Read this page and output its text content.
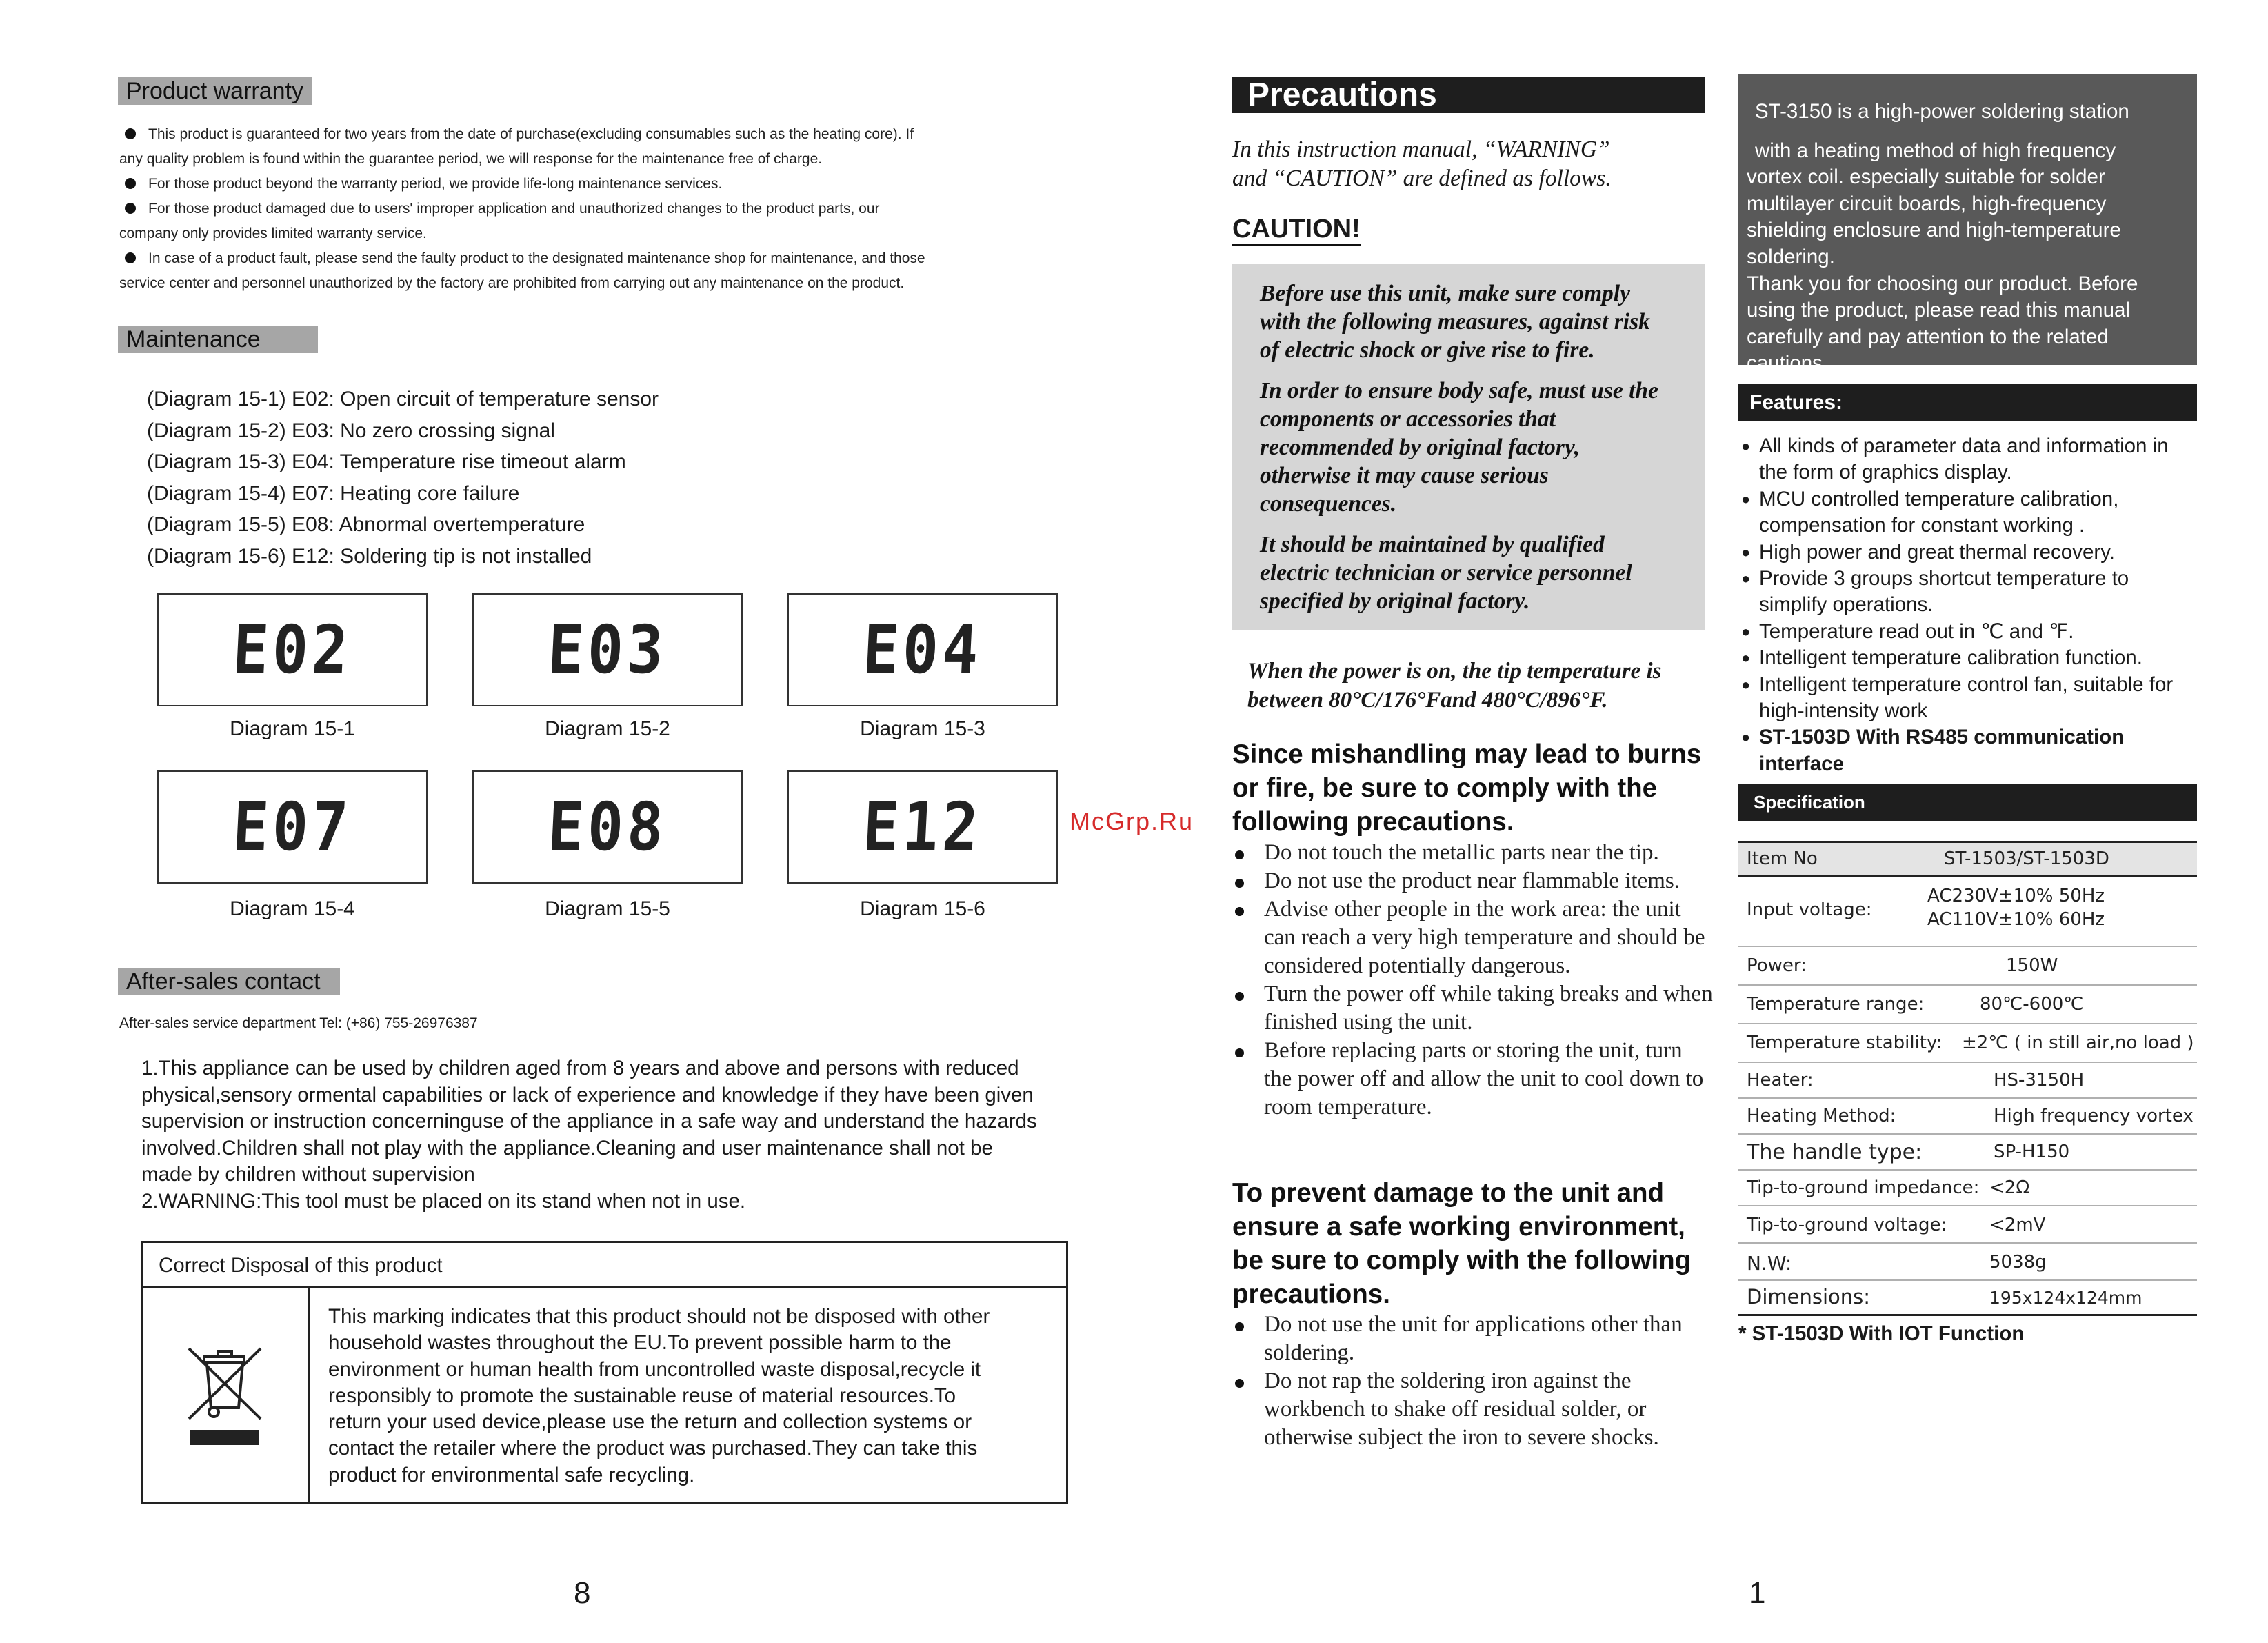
Product warranty
This product is guaranteed for two years from the date of purchase(excluding consumables such as the heating core). If
any quality problem is found within the guarantee period, we will response for the maintenance free of charge.
For those product beyond the warranty period, we provide life-long maintenance services.
For those product damaged due to users' improper application and unauthorized changes to the product parts, our
company only provides limited warranty service.
In case of a product fault, please send the faulty product to the designated maintenance shop for maintenance, and those
service center and personnel unauthorized by the factory are prohibited from carrying out any maintenance on the product.
Maintenance
(Diagram 15-1) E02: Open circuit of temperature sensor
(Diagram 15-2) E03: No zero crossing signal
(Diagram 15-3) E04: Temperature rise timeout alarm
(Diagram 15-4) E07: Heating core failure
(Diagram 15-5) E08: Abnormal overtemperature
(Diagram 15-6) E12: Soldering tip is not installed
E02	E03	E04
Diagram 15-1	Diagram 15-2	Diagram 15-3
E07	E08	E12
Diagram 15-4	Diagram 15-5	Diagram 15-6
After-sales contact
After-sales service department Tel: (+86) 755-26976387
1.This appliance can be used by children aged from 8 years and above and persons with reduced
physical,sensory ormental capabilities or lack of experience and knowledge if they have been given
supervision or instruction concerninguse of the appliance in a safe way and understand the hazards
involved.Children shall not play with the appliance.Cleaning and user maintenance shall not be
made by children without supervision
2.WARNING:This tool must be placed on its stand when not in use.
Correct Disposal of this product
This marking indicates that this product should not be disposed with other
household wastes throughout the EU.To prevent possible harm to the
environment or human health from uncontrolled waste disposal,recycle it
responsibly to promote the sustainable reuse of material resources.To
return your used device,please use the return and collection systems or
contact the retailer where the product was purchased.They can take this
product for environmental safe recycling.
8
McGrp.Ru
Precautions
In this instruction manual, “WARNING”
and “CAUTION” are defined as follows.
CAUTION!

Before use this unit, make sure comply with the following measures, against risk of electric shock or give rise to fire.

In order to ensure body safe, must use the components or accessories that recommended by original factory, otherwise it may cause serious consequences.

It should be maintained by qualified electric technician or service personnel specified by original factory.

When the power is on, the tip temperature is
between 80°C/176°Fand 480°C/896°F.
Since mishandling may lead to burns or fire, be sure to comply with the following precautions.
Do not touch the metallic parts near the tip.
Do not use the product near flammable items.
Advise other people in the work area: the unit can reach a very high temperature and should be considered potentially dangerous.
Turn the power off while taking breaks and when finished using the unit.
Before replacing parts or storing the unit, turn the power off and allow the unit to cool down to room temperature.
To prevent damage to the unit and ensure a safe working environment, be sure to comply with the following precautions.
Do not use the unit for applications other than soldering.
Do not rap the soldering iron against the workbench to shake off residual solder, or otherwise subject the iron to severe shocks.
ST-3150 is a high-power soldering station
with a heating method of high frequency
vortex coil. especially suitable for solder
multilayer circuit boards, high-frequency
shielding enclosure and high-temperature
soldering.
Thank you for choosing our product. Before
using the product, please read this manual
carefully and pay attention to the related
cautions.
Features:
● All kinds of parameter data and information in the form of graphics display.
● MCU controlled temperature calibration, compensation for constant working .
● High power and great thermal recovery.
● Provide 3 groups shortcut temperature to simplify operations.
● Temperature read out in ℃ and ℉.
● Intelligent temperature calibration function.
● Intelligent temperature control fan, suitable for high-intensity work
● ST-1503D With RS485 communication interface
Specification
Item No	ST-1503/ST-1503D
Input voltage:
AC230V±10% 50Hz
AC110V±10% 60Hz
Power:	150W
Temperature range:	80℃-600℃
Temperature stability: ±2℃ ( in still air,no load )
Heater:	HS-3150H
Heating Method:	High frequency vortex
The handle type:	SP-H150
Tip-to-ground impedance: <2Ω
Tip-to-ground voltage: <2mV
N.W:	5038g
Dimensions:	195x124x124mm
* ST-1503D With IOT Function
1
